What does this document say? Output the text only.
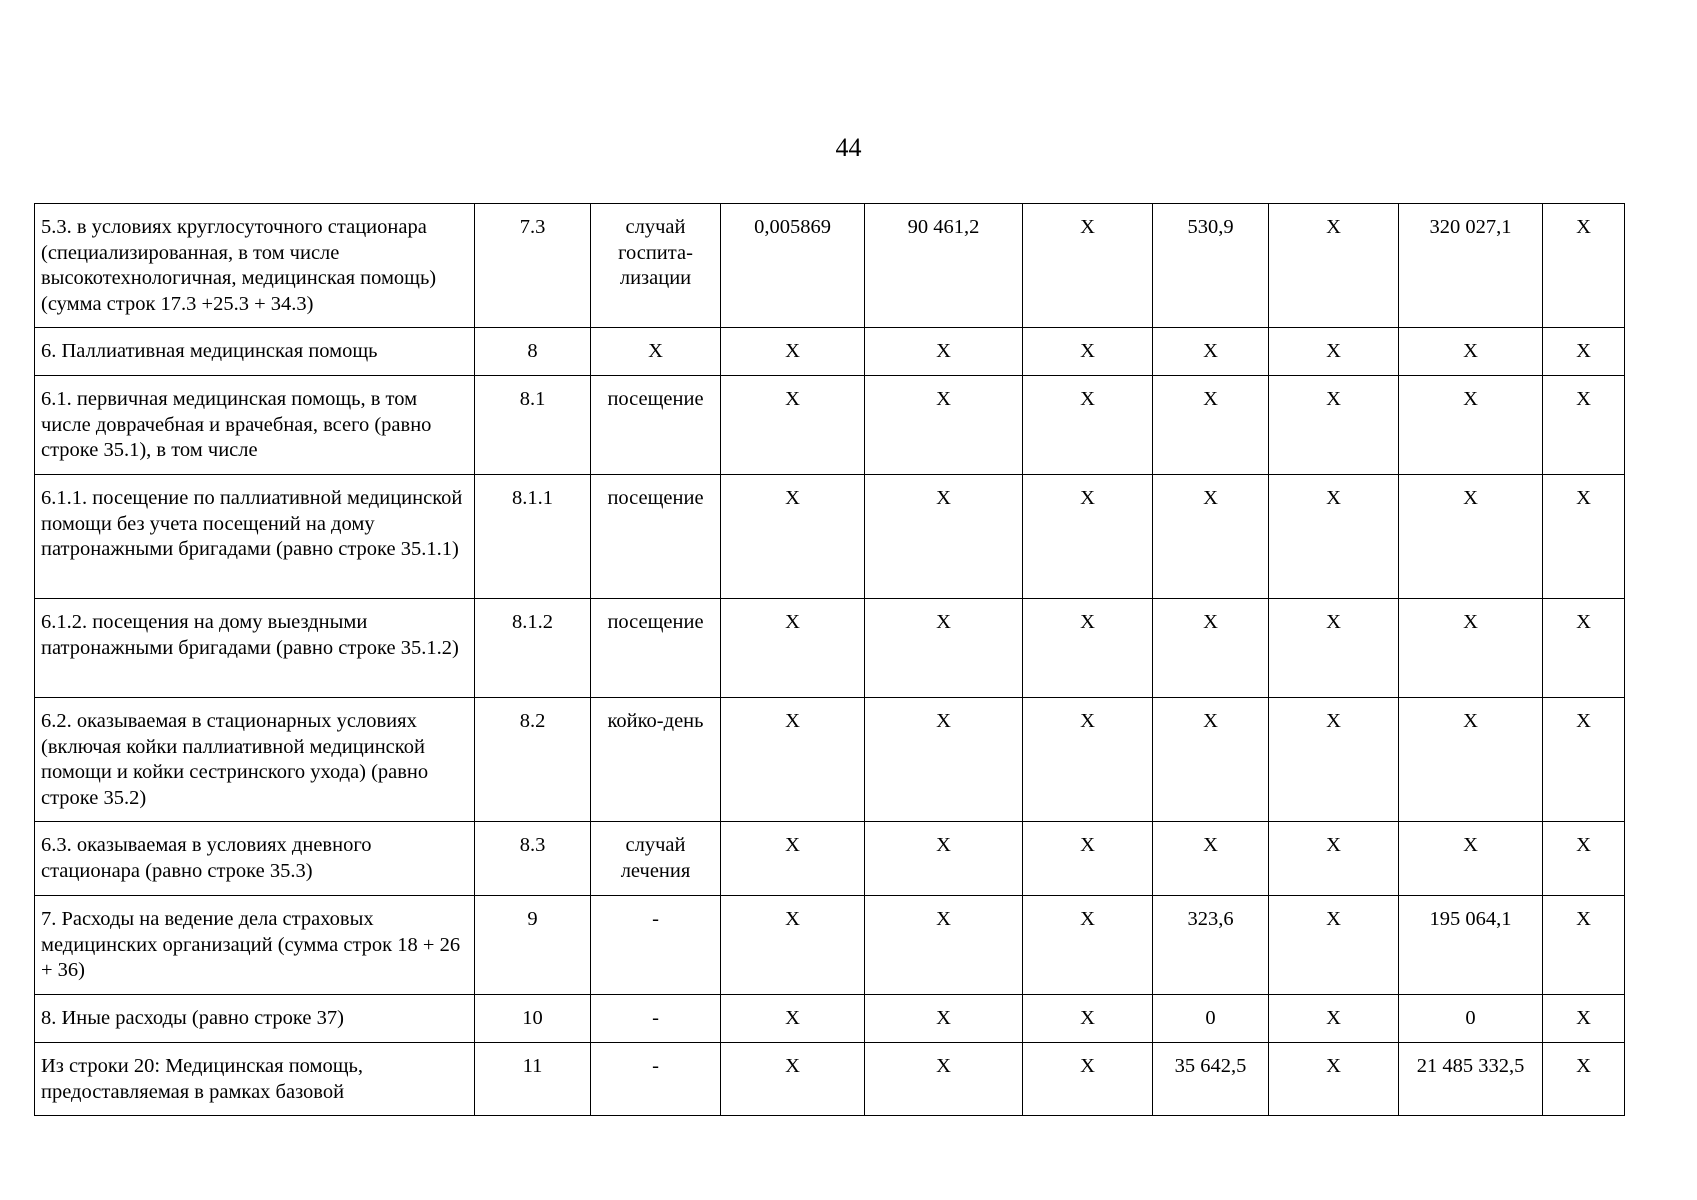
44
5.3. в условиях круглосуточного стационара (специализированная, в том числе высокотехнологичная, медицинская помощь) (сумма строк 17.3 +25.3 + 34.3)	7.3	случай госпита-лизации	0,005869	90 461,2	Х	530,9	Х	320 027,1	Х
6. Паллиативная медицинская помощь	8	Х	Х	Х	Х	Х	Х	Х	Х
6.1. первичная медицинская помощь, в том числе доврачебная и врачебная, всего (равно строке 35.1), в том числе	8.1	посещение	Х	Х	Х	Х	Х	Х	Х
6.1.1. посещение по паллиативной медицинской помощи без учета посещений на дому патронажными бригадами (равно строке 35.1.1)	8.1.1	посещение	Х	Х	Х	Х	Х	Х	Х
6.1.2. посещения на дому выездными патронажными бригадами (равно строке 35.1.2)	8.1.2	посещение	Х	Х	Х	Х	Х	Х	Х
6.2. оказываемая в стационарных условиях (включая койки паллиативной медицинской помощи и койки сестринского ухода) (равно строке 35.2)	8.2	койко-день	Х	Х	Х	Х	Х	Х	Х
6.3. оказываемая в условиях дневного стационара (равно строке 35.3)	8.3	случай лечения	Х	Х	Х	Х	Х	Х	Х
7. Расходы на ведение дела страховых медицинских организаций (сумма строк 18 + 26 + 36)	9	-	Х	Х	Х	323,6	Х	195 064,1	Х
8. Иные расходы (равно строке 37)	10	-	Х	Х	Х	0	Х	0	Х
Из строки 20: Медицинская помощь, предоставляемая в рамках базовой	11	-	Х	Х	Х	35 642,5	Х	21 485 332,5	Х
